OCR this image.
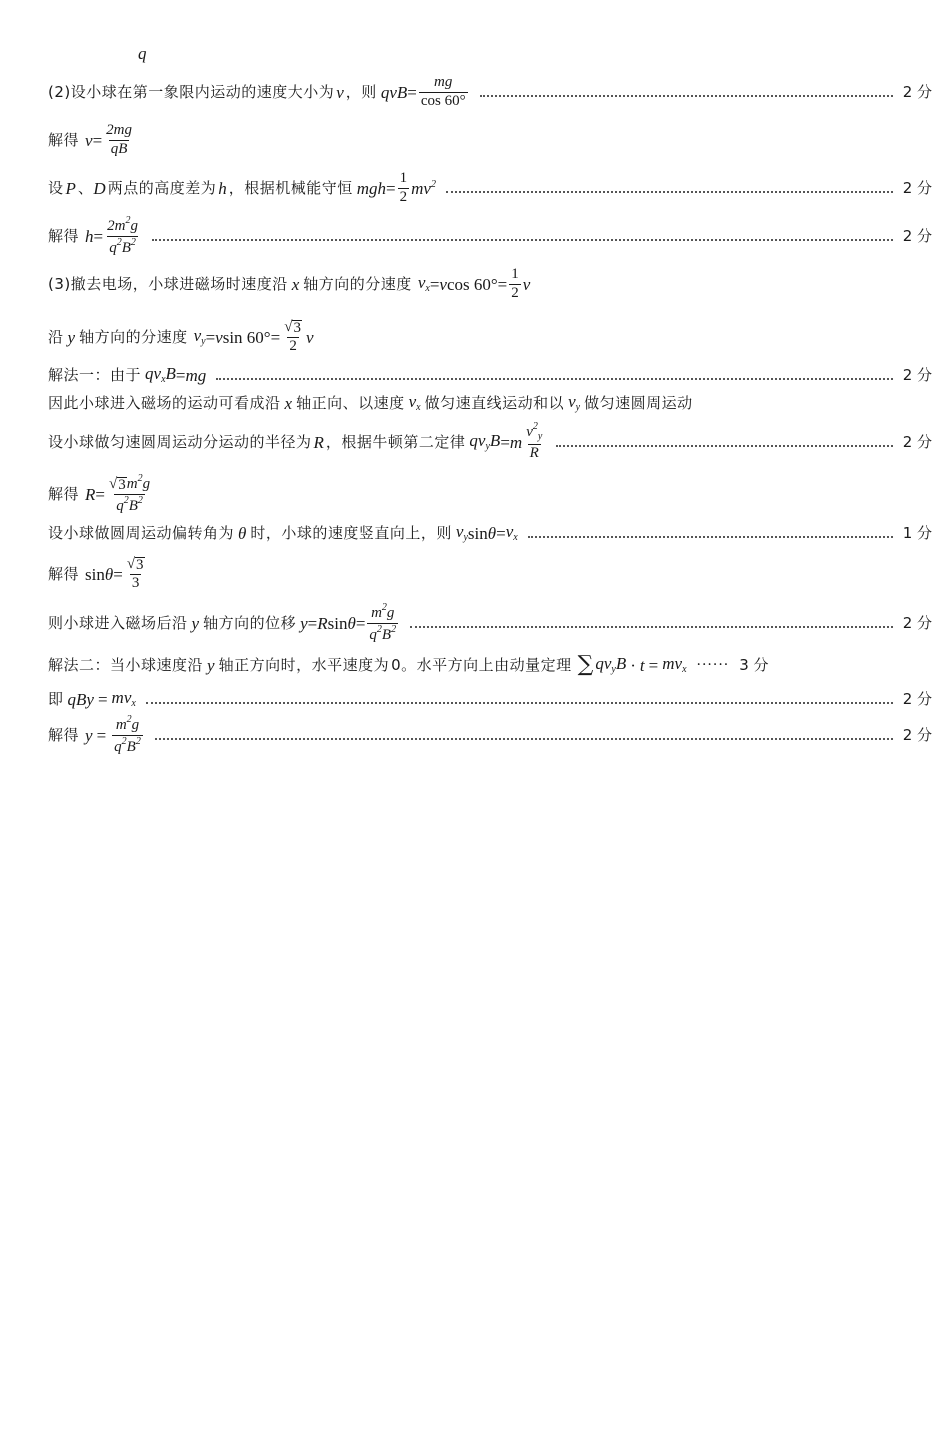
q
(2)设小球在第一象限内运动的速度大小为 v ，则 qvB = $\frac{mg}{\cos 60^\circ}$	2 分
解得 $v = \frac{2mg}{qB}$
设 P 、 D 两点的高度差为 h ，根据机械能守恒 mgh = $\frac{1}{2} mv^2$	2 分
解得 $h = \frac{2m^2g}{q^2B^2}$	2 分
(3)撤去电场，小球进磁场时速度沿 x 轴方向的分速度 $v_x = v$ $\cos 60^\circ= \frac{1}{2}$ v
沿 y 轴方向的分速度 $v_y = v$ $\sin 60^\circ= \frac{√ 3}{2}$ v
解法一：由于 $qv_xB$ = mg	2 分
因此小球进入磁场的运动可看成沿 x 轴正向、以速度 $v_x$ 做匀速直线运动和以 $v_y$ 做匀速圆周运动
设小球做匀速圆周运动分运动的半径为 R ，根据牛顿第二定律 $qv_yB = m \frac{v^2_y}{R}$	2 分
解得 $R = \frac{√ 3 m^2g}{q^2B^2}$
设小球做圆周运动偏转角为 θ 时，小球的速度竖直向上，则 $v_y$ $\sin \theta = v_x$	1 分
解得 $\sin \theta = \frac{√ 3}{3}$
则小球进入磁场后沿 y 轴方向的位移 y = R $\sin \theta = \frac{m^2g}{q^2B^2}$	2 分
解法二：当小球速度沿 y 轴正方向时，水平速度为 0。水平方向上由动量定理 ∑ $qv_yB \cdot t = mv_x$ ······ 3 分
即 qBy = $mv_x$	2 分
解得 $y = \frac{m^2g}{q^2B^2}$	2 分
